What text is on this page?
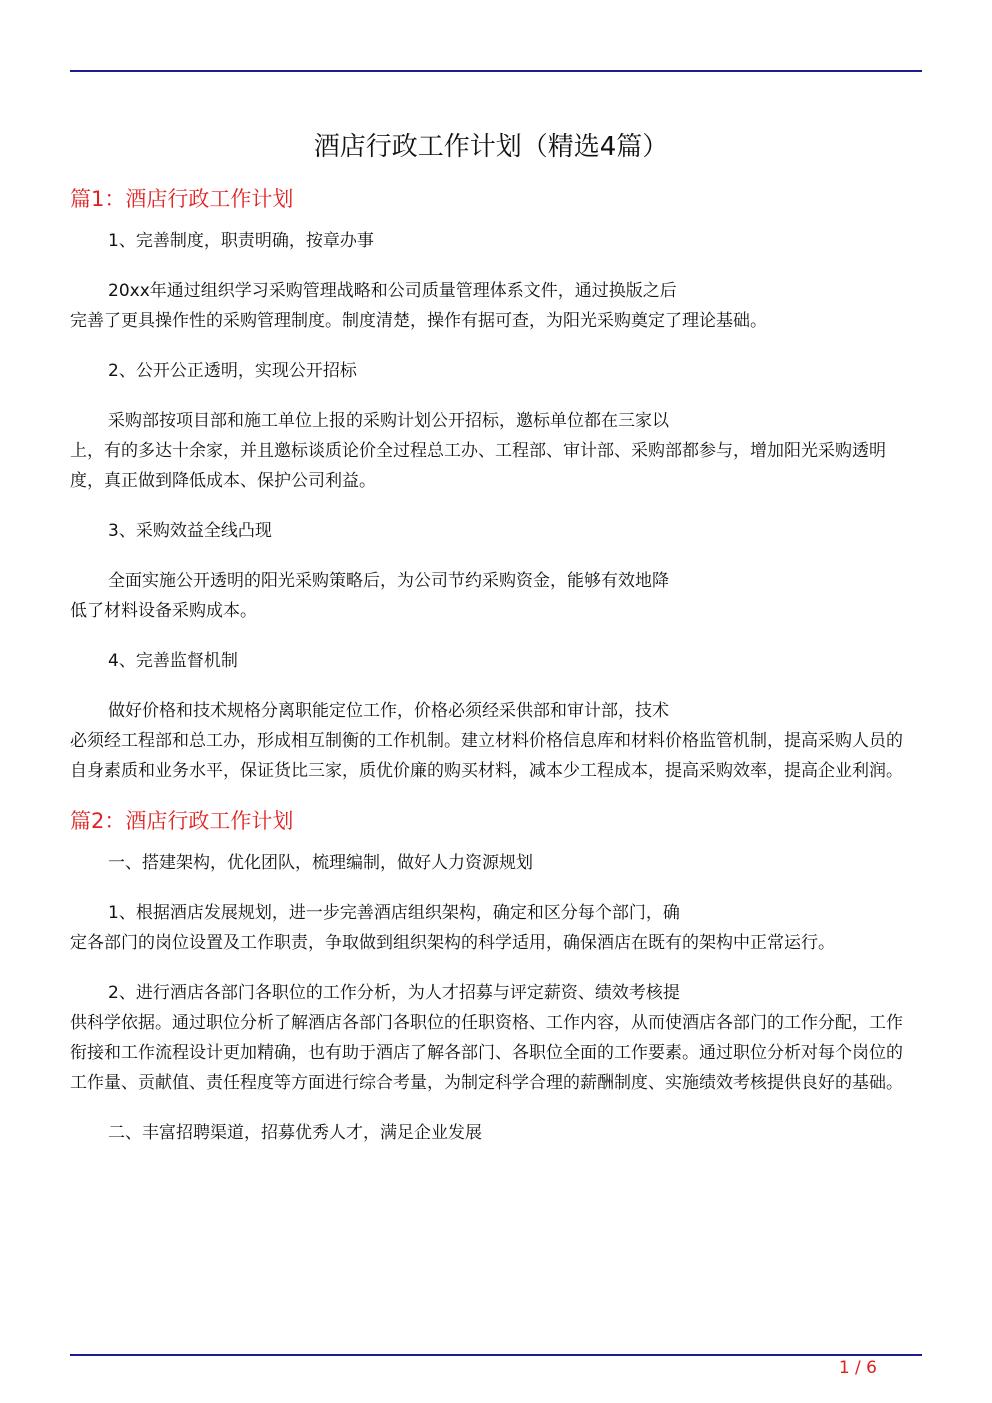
酒店行政工作计划（精选4篇）
篇1：酒店行政工作计划

1、完善制度，职责明确，按章办事

20xx年通过组织学习采购管理战略和公司质量管理体系文件，通过换版之后
完善了更具操作性的采购管理制度。制度清楚，操作有据可查，为阳光采购奠定了理论基础。

2、公开公正透明，实现公开招标

采购部按项目部和施工单位上报的采购计划公开招标，邀标单位都在三家以
上，有的多达十余家，并且邀标谈质论价全过程总工办、工程部、审计部、采购部都参与，增加阳光采购透明度，真正做到降低成本、保护公司利益。

3、采购效益全线凸现

全面实施公开透明的阳光采购策略后，为公司节约采购资金，能够有效地降
低了材料设备采购成本。

4、完善监督机制

做好价格和技术规格分离职能定位工作，价格必须经采供部和审计部，技术
必须经工程部和总工办，形成相互制衡的工作机制。建立材料价格信息库和材料价格监管机制，提高采购人员的自身素质和业务水平，保证货比三家，质优价廉的购买材料，减本少工程成本，提高采购效率，提高企业利润。

篇2：酒店行政工作计划

一、搭建架构，优化团队，梳理编制，做好人力资源规划

1、根据酒店发展规划，进一步完善酒店组织架构，确定和区分每个部门，确
定各部门的岗位设置及工作职责，争取做到组织架构的科学适用，确保酒店在既有的架构中正常运行。

2、进行酒店各部门各职位的工作分析，为人才招募与评定薪资、绩效考核提
供科学依据。通过职位分析了解酒店各部门各职位的任职资格、工作内容，从而使酒店各部门的工作分配，工作衔接和工作流程设计更加精确，也有助于酒店了解各部门、各职位全面的工作要素。通过职位分析对每个岗位的工作量、贡献值、责任程度等方面进行综合考量，为制定科学合理的薪酬制度、实施绩效考核提供良好的基础。

二、丰富招聘渠道，招募优秀人才，满足企业发展

1 / 6
